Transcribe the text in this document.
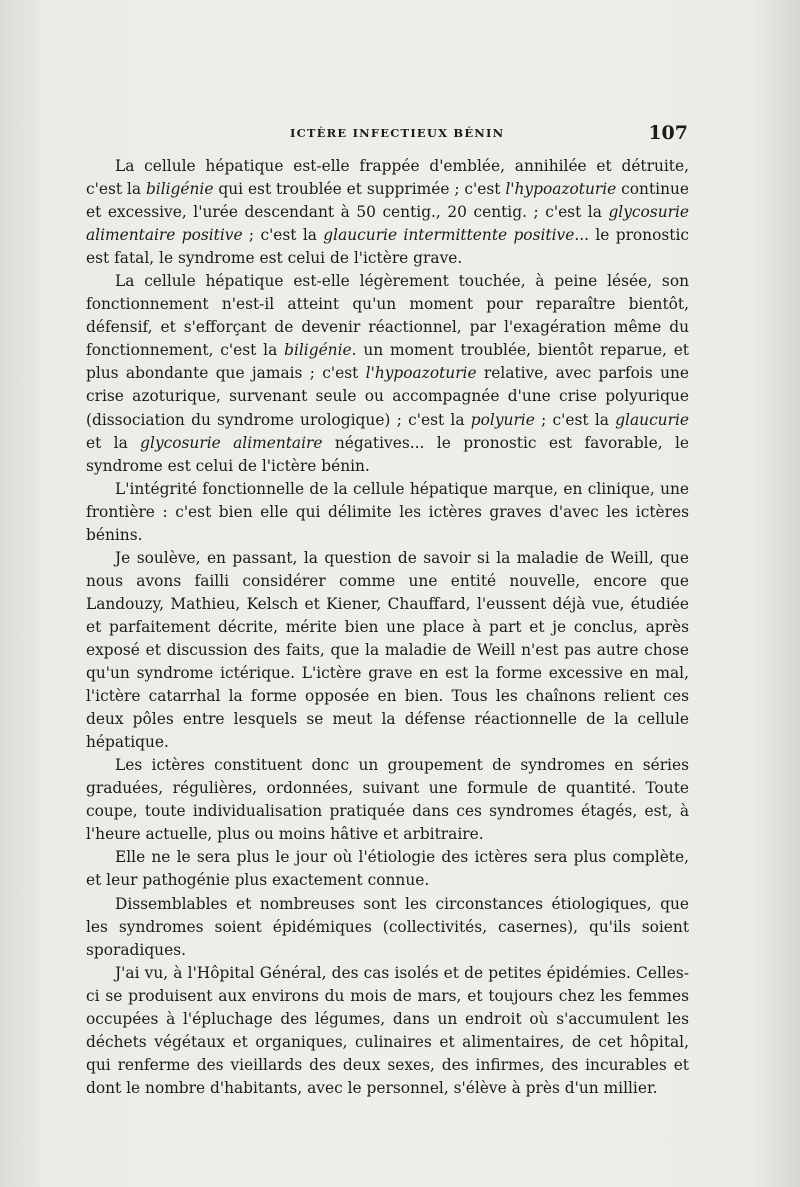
ICTÈRE INFECTIEUX BÉNIN	107

La cellule hépatique est-elle frappée d'emblée, annihilée et détruite, c'est la biligénie qui est troublée et supprimée ; c'est l'hypoazoturie continue et excessive, l'urée descendant à 50 centig., 20 centig. ; c'est la glycosurie alimentaire positive ; c'est la glaucurie intermittente positive... le pronostic est fatal, le syndrome est celui de l'ictère grave.

La cellule hépatique est-elle légèrement touchée, à peine lésée, son fonctionnement n'est-il atteint qu'un moment pour reparaître bientôt, défensif, et s'efforçant de devenir réactionnel, par l'exagération même du fonctionnement, c'est la biligénie. un moment troublée, bientôt reparue, et plus abondante que jamais ; c'est l'hypoazoturie relative, avec parfois une crise azoturique, survenant seule ou accompagnée d'une crise polyurique (dissociation du syndrome urologique) ; c'est la polyurie ; c'est la glaucurie et la glycosurie alimentaire négatives... le pronostic est favorable, le syndrome est celui de l'ictère bénin.

L'intégrité fonctionnelle de la cellule hépatique marque, en clinique, une frontière : c'est bien elle qui délimite les ictères graves d'avec les ictères bénins.

Je soulève, en passant, la question de savoir si la maladie de Weill, que nous avons failli considérer comme une entité nouvelle, encore que Landouzy, Mathieu, Kelsch et Kiener, Chauffard, l'eussent déjà vue, étudiée et parfaitement décrite, mérite bien une place à part et je conclus, après exposé et discussion des faits, que la maladie de Weill n'est pas autre chose qu'un syndrome ictérique. L'ictère grave en est la forme excessive en mal, l'ictère catarrhal la forme opposée en bien. Tous les chaînons relient ces deux pôles entre lesquels se meut la défense réactionnelle de la cellule hépatique.

Les ictères constituent donc un groupement de syndromes en séries graduées, régulières, ordonnées, suivant une formule de quantité. Toute coupe, toute individualisation pratiquée dans ces syndromes étagés, est, à l'heure actuelle, plus ou moins hâtive et arbitraire.

Elle ne le sera plus le jour où l'étiologie des ictères sera plus complète, et leur pathogénie plus exactement connue.

Dissemblables et nombreuses sont les circonstances étiologiques, que les syndromes soient épidémiques (collectivités, casernes), qu'ils soient sporadiques.

J'ai vu, à l'Hôpital Général, des cas isolés et de petites épidémies. Celles-ci se produisent aux environs du mois de mars, et toujours chez les femmes occupées à l'épluchage des légumes, dans un endroit où s'accumulent les déchets végétaux et organiques, culinaires et alimentaires, de cet hôpital, qui renferme des vieillards des deux sexes, des infirmes, des incurables et dont le nombre d'habitants, avec le personnel, s'élève à près d'un millier.
